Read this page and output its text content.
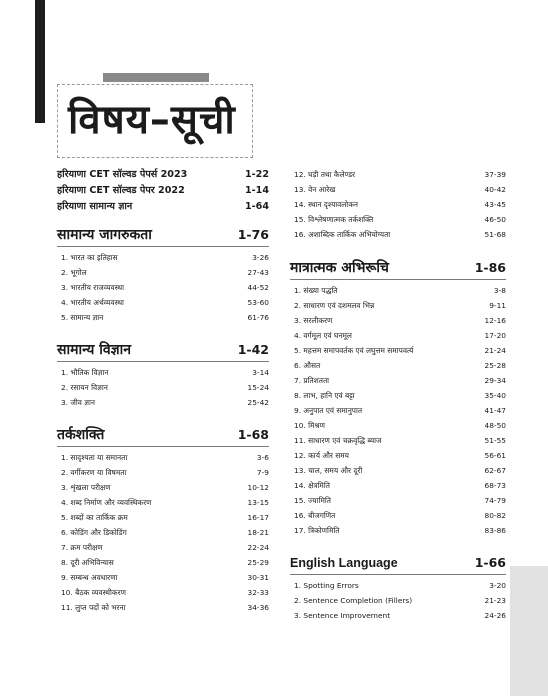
विषय–सूची
हरियाणा CET सॉल्वड पेपर्स 2023	1-22
हरियाणा CET सॉल्वड पेपर 2022	1-14
हरियाणा सामान्य ज्ञान	1-64
सामान्य जागरुकता	1-76
1. भारत का इतिहास	3-26
2. भूगोल	27-43
3. भारतीय राजव्यवस्था	44-52
4. भारतीय अर्थव्यवस्था	53-60
5. सामान्य ज्ञान	61-76
सामान्य विज्ञान	1-42
1. भौतिक विज्ञान	3-14
2. रसायन विज्ञान	15-24
3. जीव ज्ञान	25-42
तर्कशक्ति	1-68
1. सादृश्यता या समानता	3-6
2. वर्गीकरण या विषमता	7-9
3. शृंखला परीक्षण	10-12
4. शब्द निर्माण और व्यवस्थिकरण	13-15
5. शब्दों का तार्किक क्रम	16-17
6. कोडिंग और डिकोडिंग	18-21
7. क्रम परीक्षण	22-24
8. दूरी अभिविन्यास	25-29
9. सम्बन्ध अवधारणा	30-31
10. बैठक व्यवस्थीकरण	32-33
11. लुप्त पदों को भरना	34-36
12. घड़ी तथा कैलेण्डर	37-39
13. वेन आरेख	40-42
14. स्थान दृश्यावलोकन	43-45
15. विश्लेषणात्मक तर्कशक्ति	46-50
16. अशाब्दिक तार्किक अभियोग्यता	51-68
मात्रात्मक अभिरूचि	1-86
1. संख्या पद्धति	3-8
2. साधारण एवं दशमलव भिन्न	9-11
3. सरलीकरण	12-16
4. वर्गमूल एवं घनमूल	17-20
5. महत्तम समापवर्तक एवं लघुत्तम समापवर्त्य	21-24
6. औसत	25-28
7. प्रतिशतता	29-34
8. लाभ, हानि एवं बट्टा	35-40
9. अनुपात एवं समानुपात	41-47
10. मिश्रण	48-50
11. साधारण एवं चक्रवृद्धि ब्याज	51-55
12. कार्य और समय	56-61
13. चाल, समय और दूरी	62-67
14. क्षेत्रमिति	68-73
15. ज्यामिति	74-79
16. बीजगणित	80-82
17. त्रिकोणमिति	83-86
English Language	1-66
1. Spotting Errors	3-20
2. Sentence Completion (Fillers)	21-23
3. Sentence Improvement	24-26
